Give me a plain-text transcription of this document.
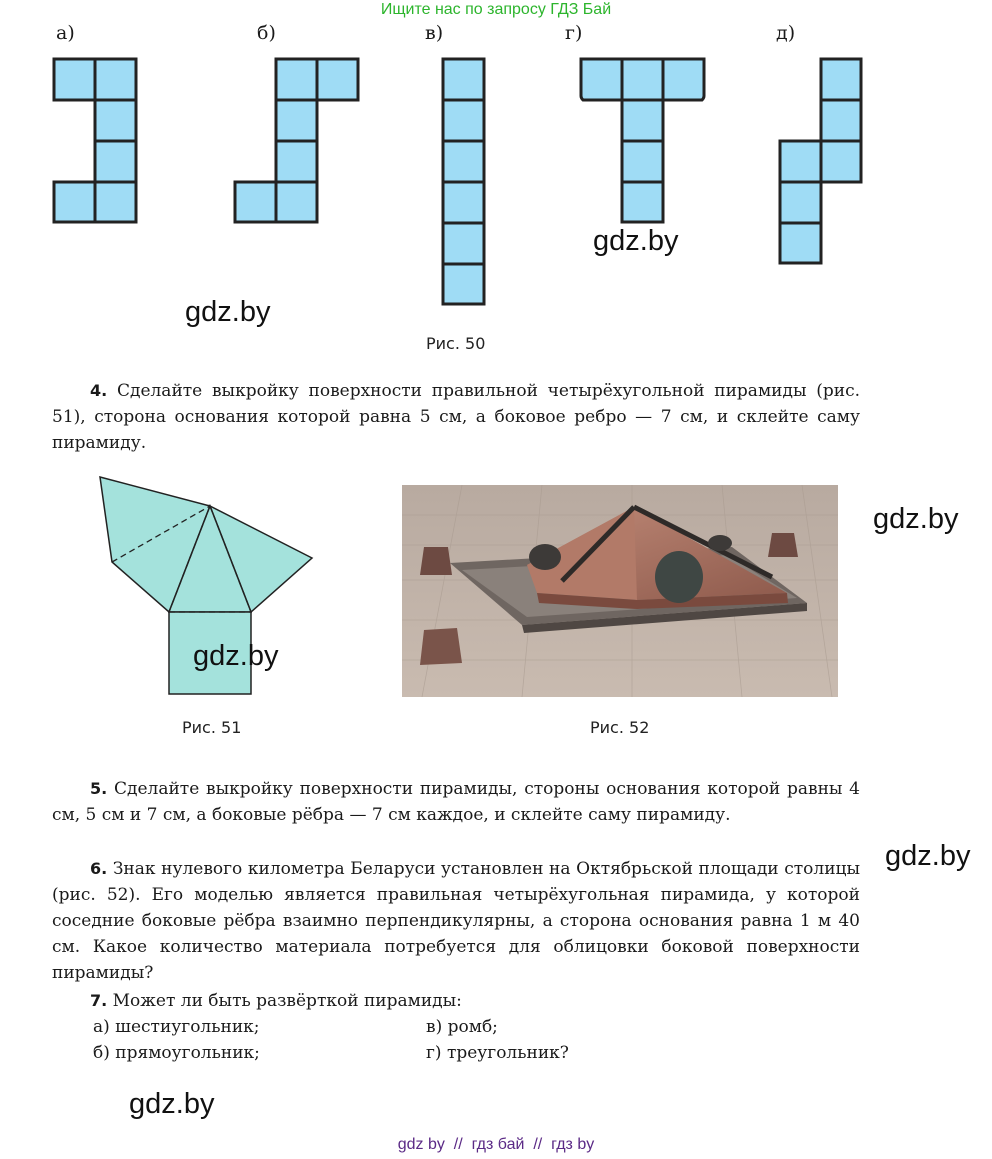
Ищите нас по запросу ГДЗ Бай
а)	б)	в)	г)	д)
gdz.by
gdz.by
Рис. 50

4. Сделайте выкройку поверхности правильной четырёхугольной пирамиды (рис. 51), сторона основания которой равна 5 см, а боковое ребро — 7 см, и склейте саму пирамиду.

gdz.by
Рис. 51
gdz.by
Рис. 52

5. Сделайте выкройку поверхности пирамиды, стороны основания которой равны 4 см, 5 см и 7 см, а боковые рёбра — 7 см каждое, и склейте саму пирамиду.

6. Знак нулевого километра Беларуси установлен на Октябрьской площади столицы (рис. 52). Его моделью является правильная четырёхугольная пирамида, у которой соседние боковые рёбра взаимно перпендикулярны, а сторона основания равна 1 м 40 см. Какое количество материала потребуется для облицовки боковой поверхности пирамиды?

gdz.by

7. Может ли быть развёрткой пирамиды:

а) шестиугольник;	в) ромб;
б) прямоугольник;	г) треугольник?
gdz.by
gdz by  //  гдз бай  //  гдз by
